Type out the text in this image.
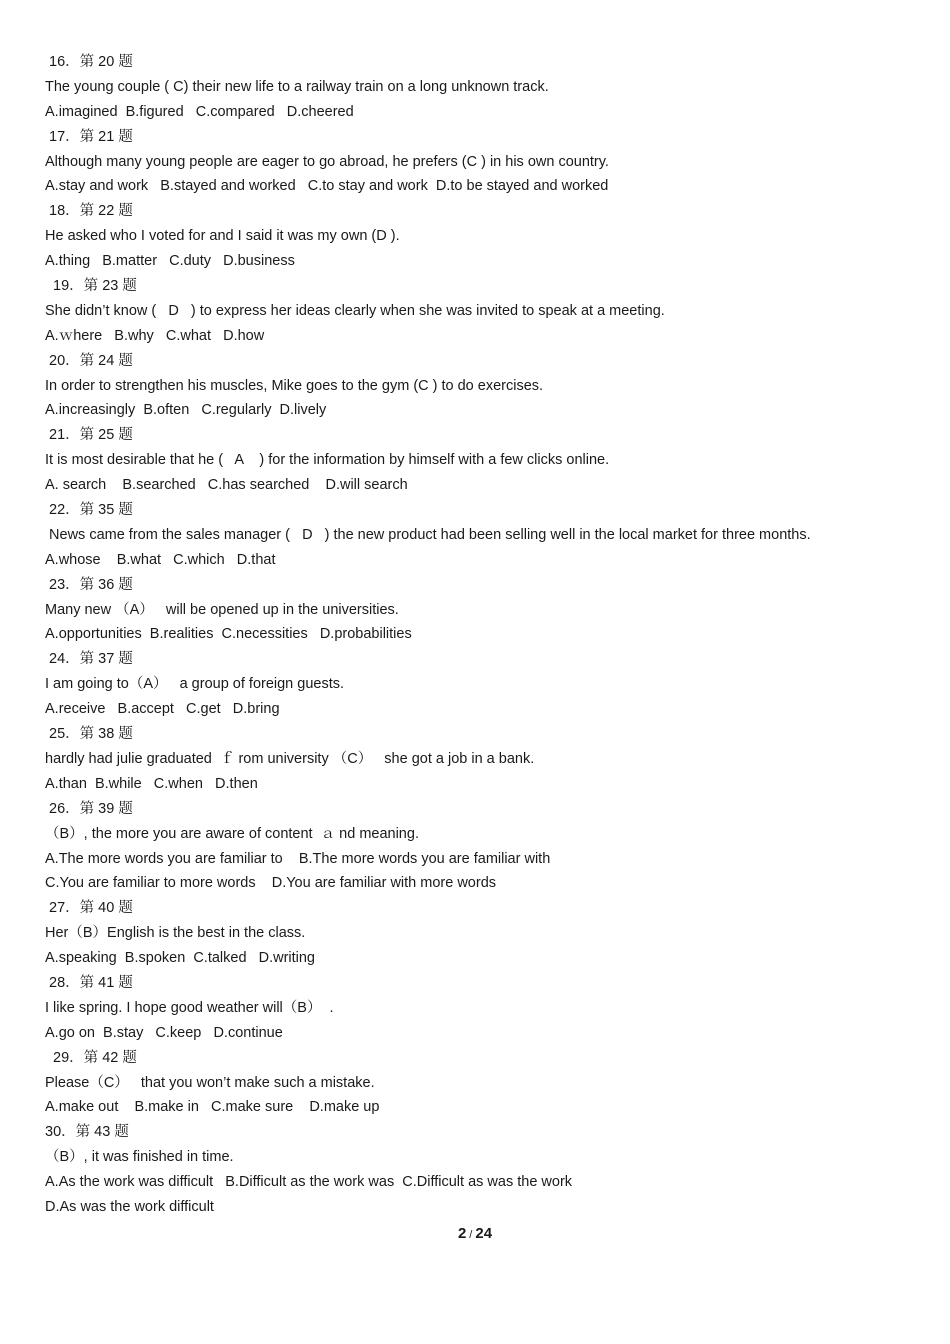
16．第 20 题
The young couple ( C) their new life to a railway train on a long unknown track.
A.imagined  B.figured   C.compared   D.cheered
17．第 21 题
Although many young people are eager to go abroad, he prefers (C ) in his own country.
A.stay and work   B.stayed and worked   C.to stay and work  D.to be stayed and worked
18．第 22 题
He asked who I voted for and I said it was my own (D ).
A.thing   B.matter   C.duty   D.business
19．第 23 题
She didn’t know (   D   ) to express her ideas clearly when she was invited to speak at a meeting.
A.ｗhere   B.why   C.what   D.how
20．第 24 题
In order to strengthen his muscles, Mike goes to the gym (C ) to do exercises.
A.increasingly  B.often   C.regularly  D.lively
21．第 25 题
It is most desirable that he (   A    ) for the information by himself with a few clicks online.
A. search    B.searched   C.has searched    D.will search
22．第 35 题
News came from the sales manager (   D   ) the new product had been selling well in the local market for three months.
A.whose    B.what   C.which   D.that
23．第 36 题
Many new （A）   will be opened up in the universities.
A.opportunities  B.realities  C.necessities   D.probabilities
24．第 37 题
I am going to（A）   a group of foreign guests.
A.receive   B.accept   C.get   D.bring
25．第 38 题
hardly had julie graduated  ｆ rom university （C）   she got a job in a bank.
A.than  B.while   C.when   D.then
26．第 39 题
（B）, the more you are aware of content  ａ nd meaning.
A.The more words you are familiar to    B.The more words you are familiar with
C.You are familiar to more words    D.You are familiar with more words
27．第 40 题
Her（B）English is the best in the class.
A.speaking  B.spoken  C.talked   D.writing
28．第 41 题
I like spring. I hope good weather will（B）  .
A.go on  B.stay   C.keep   D.continue
29．第 42 题
Please（C）   that you won’t make such a mistake.
A.make out    B.make in   C.make sure    D.make up
30．第 43 题
（B）, it was finished in time.
A.As the work was difficult   B.Difficult as the work was  C.Difficult as was the work
D.As was the work difficult
2 / 24
